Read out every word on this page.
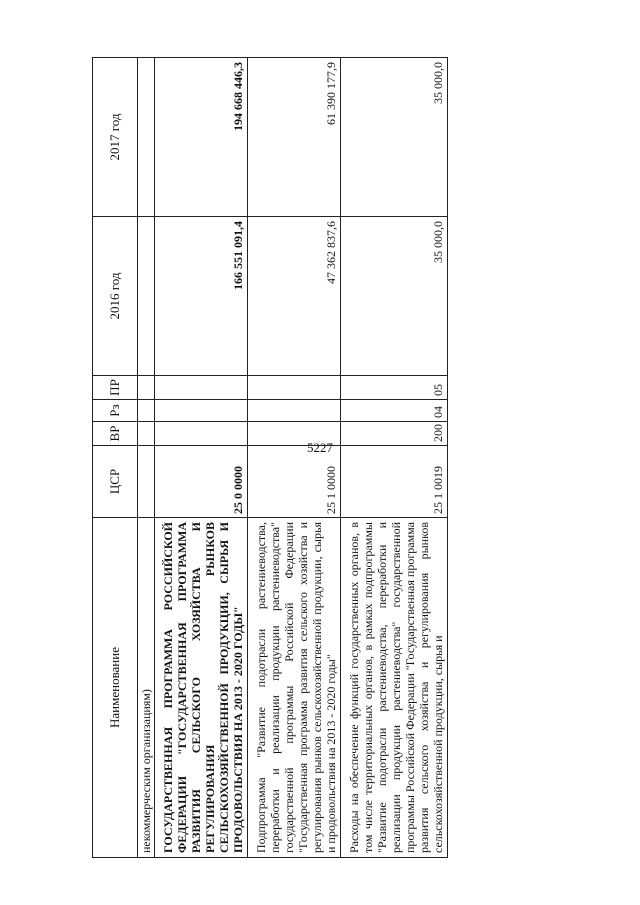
5227
Наименование	ЦСР	ВР	Рз	ПР	2016 год	2017 год
некоммерческим организациям)						
ГОСУДАРСТВЕННАЯ ПРОГРАММА РОССИЙСКОЙ ФЕДЕРАЦИИ "ГОСУДАРСТВЕННАЯ ПРОГРАММА РАЗВИТИЯ СЕЛЬСКОГО ХОЗЯЙСТВА И РЕГУЛИРОВАНИЯ РЫНКОВ СЕЛЬСКОХОЗЯЙСТВЕННОЙ ПРОДУКЦИИ, СЫРЬЯ И ПРОДОВОЛЬСТВИЯ НА 2013 - 2020 ГОДЫ"	25 0 0000				166 551 091,4	194 668 446,3
Подпрограмма "Развитие подотрасли растениеводства, переработки и реализации продукции растениеводства" государственной программы Российской Федерации "Государственная программа развития сельского хозяйства и регулирования рынков сельскохозяйственной продукции, сырья и продовольствия на 2013 - 2020 годы"	25 1 0000				47 362 837,6	61 390 177,9
Расходы на обеспечение функций государственных органов, в том числе территориальных органов, в рамках подпрограммы "Развитие подотрасли растениеводства, переработки и реализации продукции растениеводства" государственной программы Российской Федерации "Государственная программа развития сельского хозяйства и регулирования рынков сельскохозяйственной продукции, сырья и	25 1 0019	200	04	05	35 000,0	35 000,0
